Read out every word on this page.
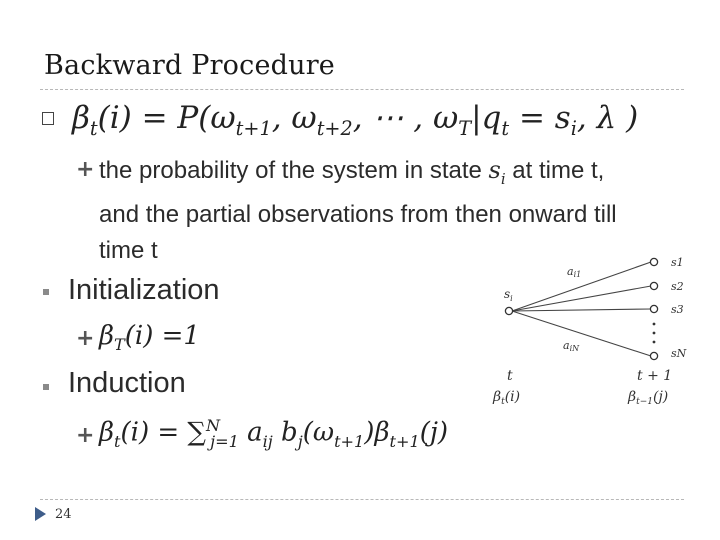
Backward Procedure
$\beta_t(i) = P(\omega_{t+1}$, $\omega_{t+2}$, ⋯ , $\omega_T|q_t = s_i$, λ )
+ the probability of the system in state $s_i$ at time t,
and the partial observations from then onward till
time t
Initialization
+ $\beta_T(i) =1$
Induction
+ $\beta_t(i) = \sum^N_{j=1}$ $a_{ij}$ $b_j(\omega_{t+1})\beta_{t+1}(j)$
$s_i$
s1
s2
s3
sN
ai1
aiN
t	t + 1
$\beta_t(i)$	$\beta_{t-1}(j)$
24
